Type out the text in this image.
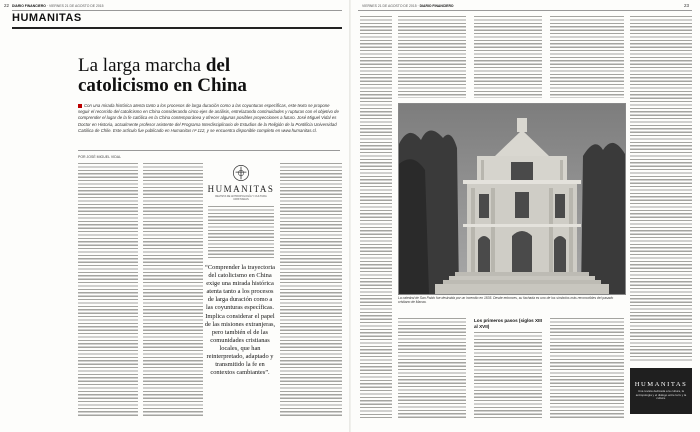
22 DIARIO FINANCIERO · VIERNES 21 DE AGOSTO DE 2015
HUMANITAS
La larga marcha del
catolicismo en China

Con una mirada histórica atenta tanto a los procesos de larga duración como a las coyunturas específicas, este texto se propone seguir el recorrido del catolicismo en China considerando cinco ejes de análisis, entrelazando continuidades y rupturas con el objetivo de comprender el lugar de la fe católica en la China contemporánea y ofrecer algunas posibles proyecciones a futuro. José Miguel Vidal es Doctor en Historia, actualmente profesor asistente del Programa Interdisciplinario de Estudios de la Religión de la Pontificia Universidad Católica de Chile. Este artículo fue publicado en Humanitas nº 112, y se encuentra disponible completo en www.humanitas.cl.

POR JOSÉ MIGUEL VIDAL
HUMANITAS
REVISTA DE ANTROPOLOGÍA Y CULTURA CRISTIANAS

“Comprender la trayectoria del catolicismo en China exige una mirada histórica atenta tanto a los procesos de larga duración como a las coyunturas específicas. Implica considerar el papel de las misiones extranjeras, pero también el de las comunidades cristianas locales, que han reinterpretado, adaptado y transmitido la fe en contextos cambiantes”.

23
VIERNES 21 DE AGOSTO DE 2015 · DIARIO FINANCIERO

La catedral de San Pablo fue destruida por un incendio en 1835. Desde entonces, su fachada es uno de los símbolos más reconocibles del pasado cristiano de Macao.

Los primeros pasos (siglos XIII al XVII)
HUMANITAS
Una revista dedicada a la cultura, la antropología y el diálogo entre la fe y la cultura.
